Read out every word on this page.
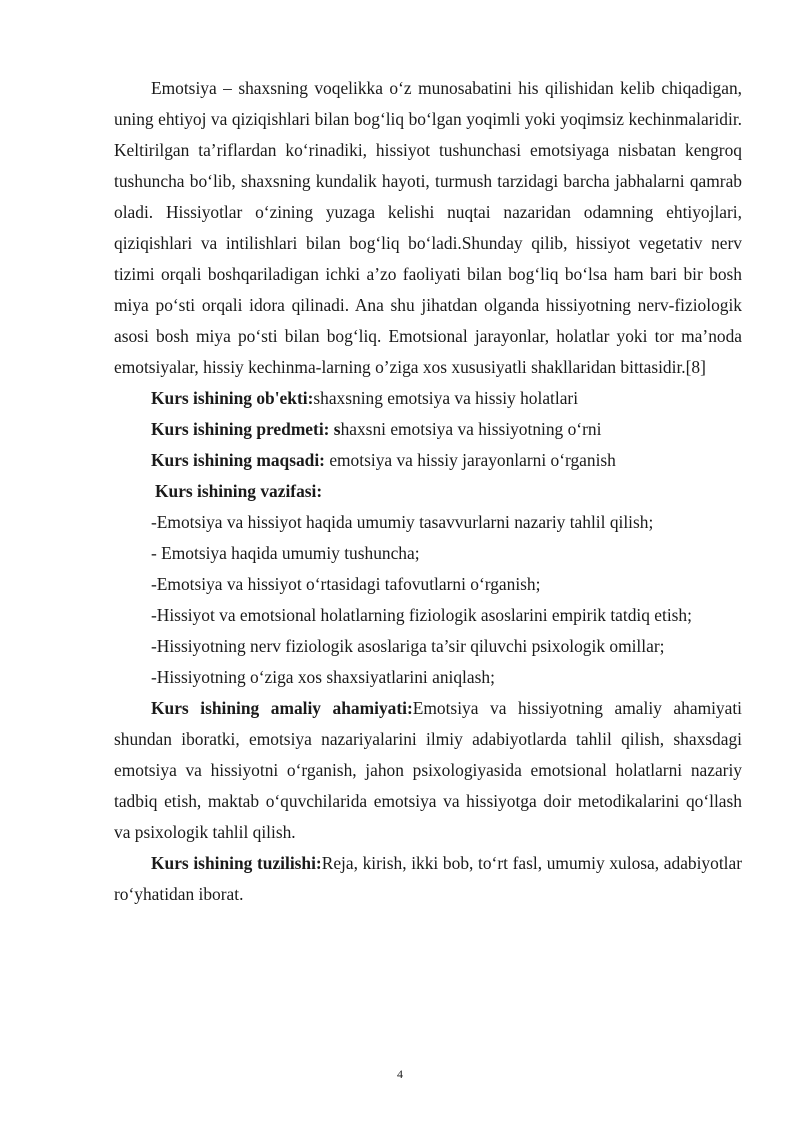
Emotsiya – shaxsning voqelikka o‘z munosabatini his qilishidan kelib chiqadigan, uning ehtiyoj va qiziqishlari bilan bog‘liq bo‘lgan yoqimli yoki yoqimsiz kechinmalaridir. Keltirilgan ta’riflardan ko‘rinadiki, hissiyot tushunchasi emotsiyaga nisbatan kengroq tushuncha bo‘lib, shaxsning kundalik hayoti, turmush tarzidagi barcha jabhalarni qamrab oladi. Hissiyotlar o‘zining yuzaga kelishi nuqtai nazaridan odamning ehtiyojlari, qiziqishlari va intilishlari bilan bog‘liq bo‘ladi.Shunday qilib, hissiyot vegetativ nerv tizimi orqali boshqariladigan ichki a’zo faoliyati bilan bog‘liq bo‘lsa ham bari bir bosh miya po‘sti orqali idora qilinadi. Ana shu jihatdan olganda hissiyotning nerv-fiziologik asosi bosh miya po‘sti bilan bog‘liq. Emotsional jarayonlar, holatlar yoki tor ma’noda emotsiyalar, hissiy kechinma-larning o’ziga xos xususiyatli shakllaridan bittasidir.[8]

Kurs ishining ob'ekti:shaxsning emotsiya va hissiy holatlari

Kurs ishining predmeti: shaxsni emotsiya va hissiyotning o‘rni

Kurs ishining maqsadi: emotsiya va hissiy jarayonlarni o‘rganish

Kurs ishining vazifasi:

-Emotsiya va hissiyot haqida umumiy tasavvurlarni nazariy tahlil qilish;

- Emotsiya haqida umumiy tushuncha;

-Emotsiya va hissiyot o‘rtasidagi tafovutlarni o‘rganish;

-Hissiyot va emotsional holatlarning fiziologik asoslarini empirik tatdiq etish;

-Hissiyotning nerv fiziologik asoslariga ta’sir qiluvchi psixologik omillar;

-Hissiyotning o‘ziga xos shaxsiyatlarini aniqlash;

Kurs ishining amaliy ahamiyati:Emotsiya va hissiyotning amaliy ahamiyati shundan iboratki, emotsiya nazariyalarini ilmiy adabiyotlarda tahlil qilish, shaxsdagi emotsiya va hissiyotni o‘rganish, jahon psixologiyasida emotsional holatlarni nazariy tadbiq etish, maktab o‘quvchilarida emotsiya va hissiyotga doir metodikalarini qo‘llash va psixologik tahlil qilish.

Kurs ishining tuzilishi:Reja, kirish, ikki bob, to‘rt fasl, umumiy xulosa, adabiyotlar ro‘yhatidan iborat.

4
